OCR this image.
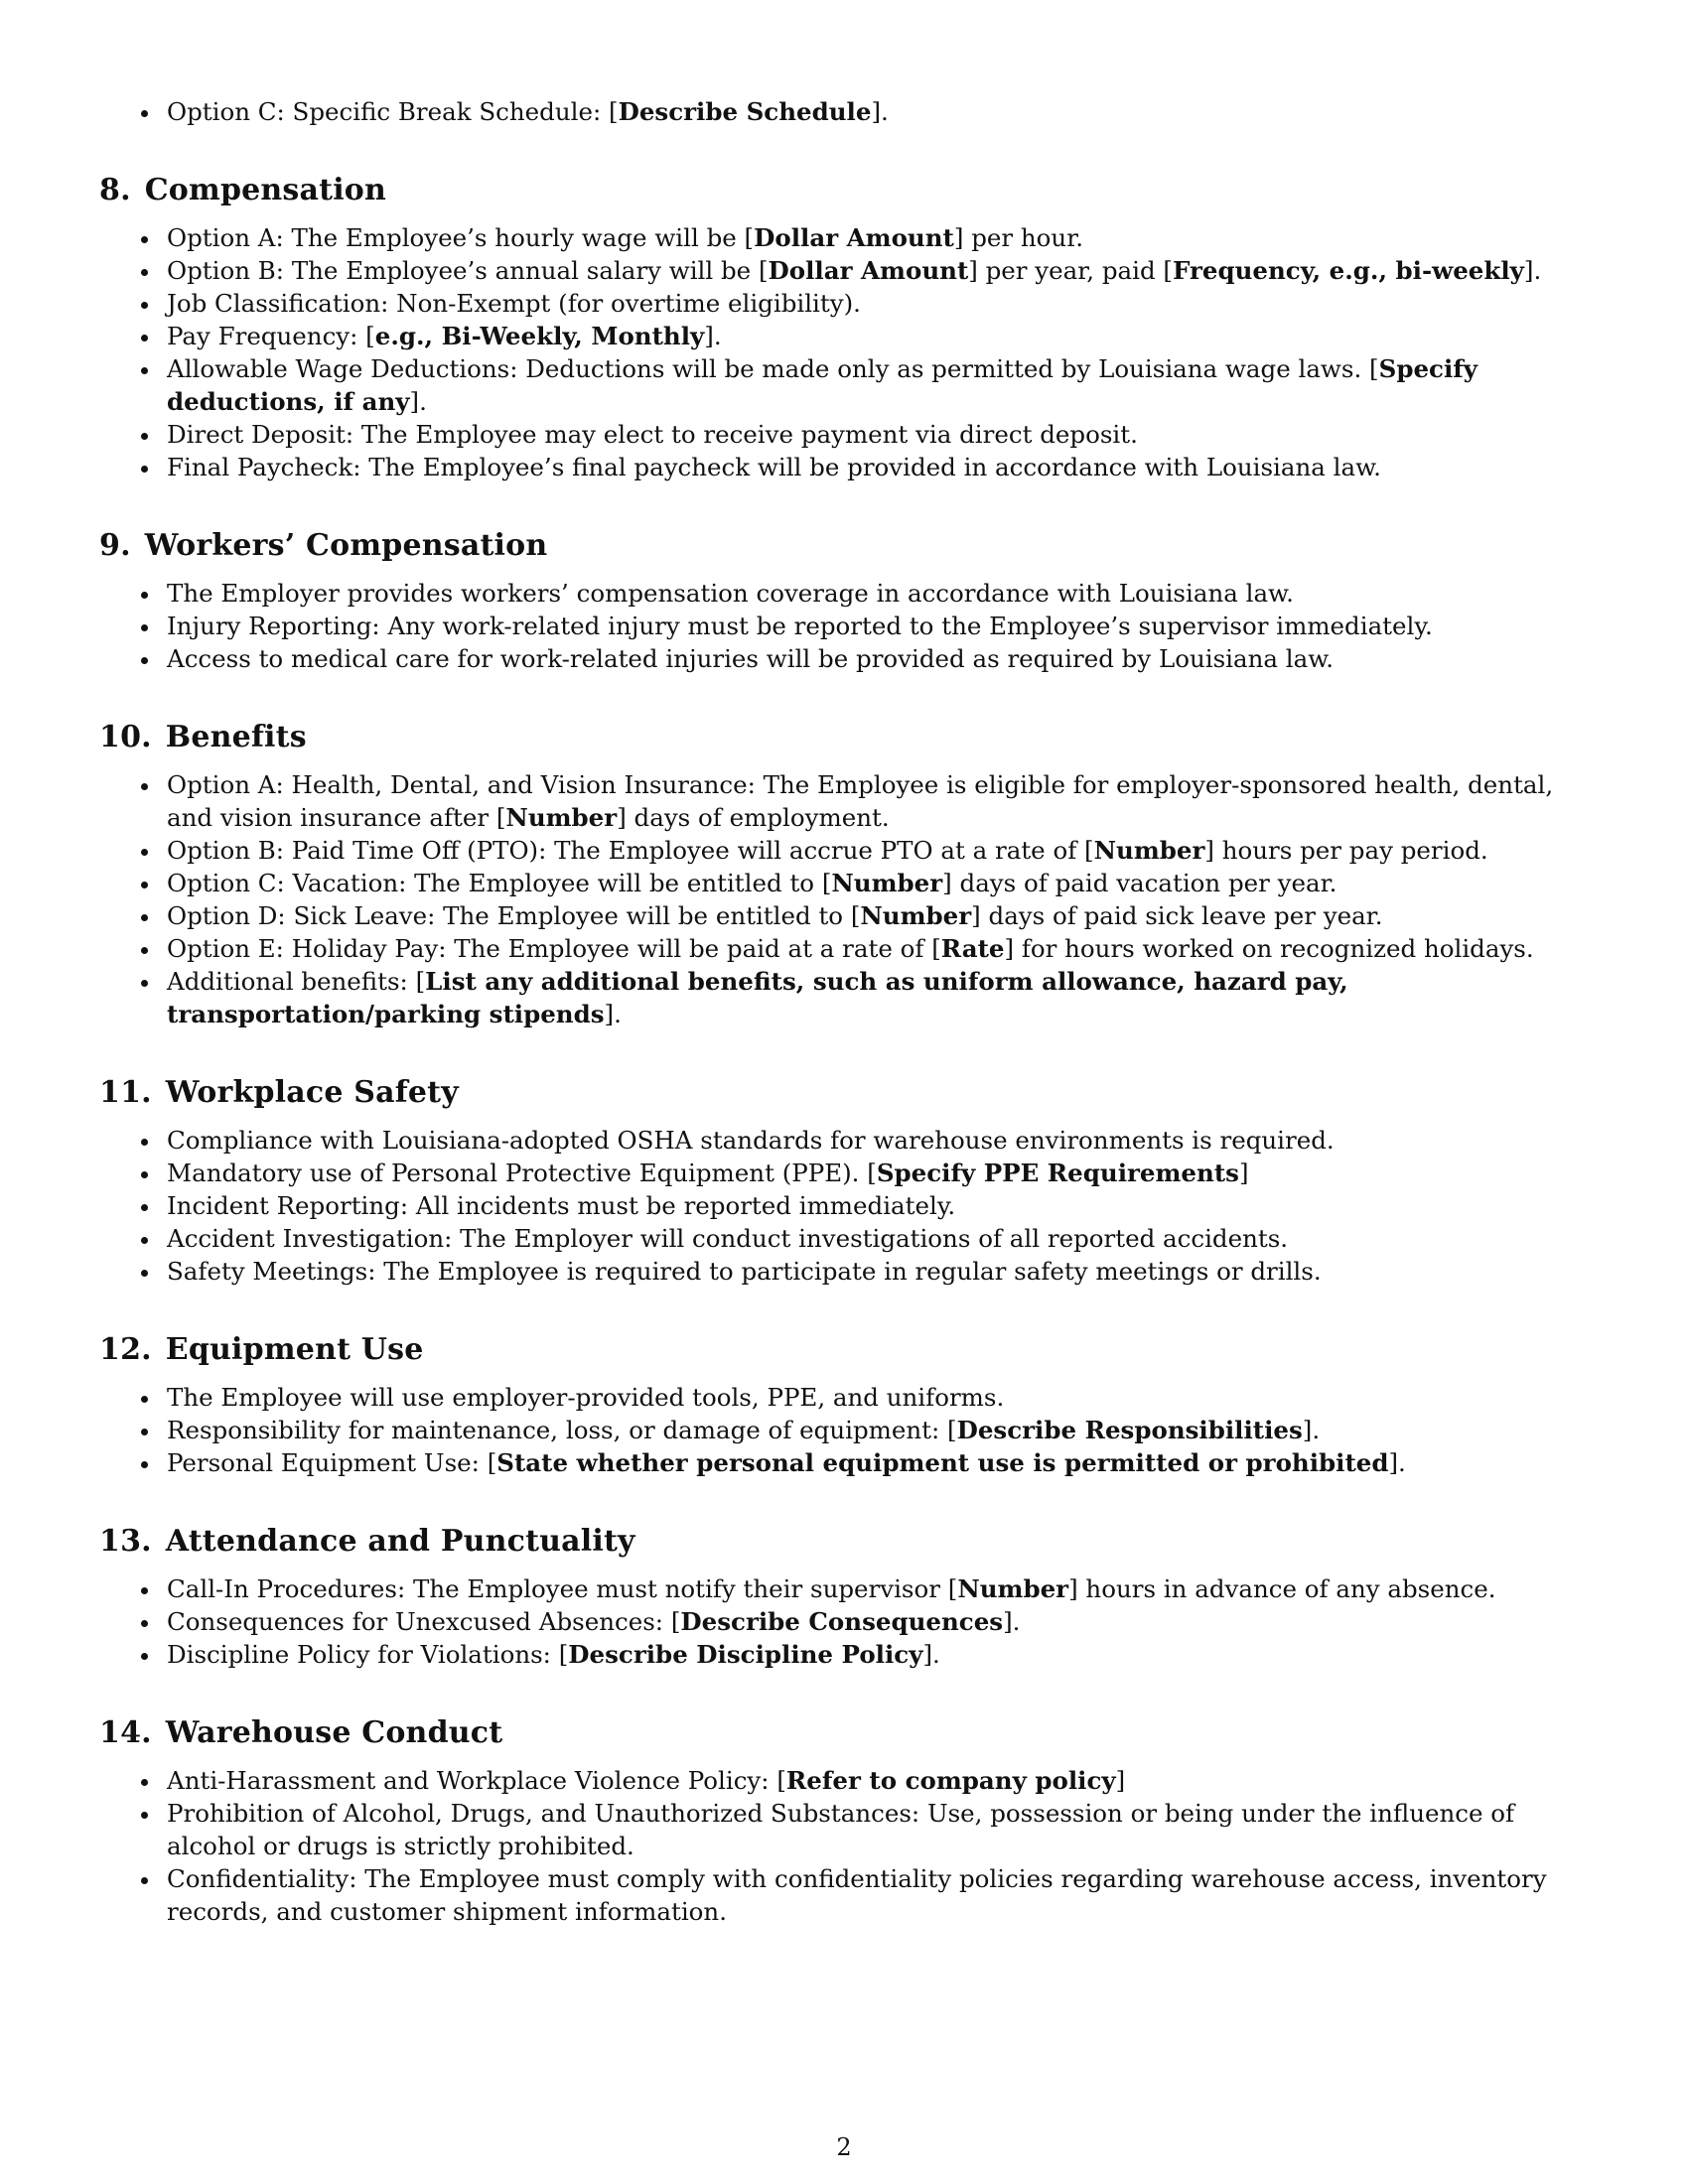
Option C: Specific Break Schedule: [Describe Schedule].
8. Compensation
Option A: The Employee’s hourly wage will be [Dollar Amount] per hour.
Option B: The Employee’s annual salary will be [Dollar Amount] per year, paid [Frequency, e.g., bi-weekly].
Job Classification: Non-Exempt (for overtime eligibility).
Pay Frequency: [e.g., Bi-Weekly, Monthly].
Allowable Wage Deductions: Deductions will be made only as permitted by Louisiana wage laws. [Specify deductions, if any].
Direct Deposit: The Employee may elect to receive payment via direct deposit.
Final Paycheck: The Employee’s final paycheck will be provided in accordance with Louisiana law.
9. Workers’ Compensation
The Employer provides workers’ compensation coverage in accordance with Louisiana law.
Injury Reporting: Any work-related injury must be reported to the Employee’s supervisor immediately.
Access to medical care for work-related injuries will be provided as required by Louisiana law.
10. Benefits
Option A: Health, Dental, and Vision Insurance: The Employee is eligible for employer-sponsored health, dental, and vision insurance after [Number] days of employment.
Option B: Paid Time Off (PTO): The Employee will accrue PTO at a rate of [Number] hours per pay period.
Option C: Vacation: The Employee will be entitled to [Number] days of paid vacation per year.
Option D: Sick Leave: The Employee will be entitled to [Number] days of paid sick leave per year.
Option E: Holiday Pay: The Employee will be paid at a rate of [Rate] for hours worked on recognized holidays.
Additional benefits: [List any additional benefits, such as uniform allowance, hazard pay, transportation/parking stipends].
11. Workplace Safety
Compliance with Louisiana-adopted OSHA standards for warehouse environments is required.
Mandatory use of Personal Protective Equipment (PPE). [Specify PPE Requirements]
Incident Reporting: All incidents must be reported immediately.
Accident Investigation: The Employer will conduct investigations of all reported accidents.
Safety Meetings: The Employee is required to participate in regular safety meetings or drills.
12. Equipment Use
The Employee will use employer-provided tools, PPE, and uniforms.
Responsibility for maintenance, loss, or damage of equipment: [Describe Responsibilities].
Personal Equipment Use: [State whether personal equipment use is permitted or prohibited].
13. Attendance and Punctuality
Call-In Procedures: The Employee must notify their supervisor [Number] hours in advance of any absence.
Consequences for Unexcused Absences: [Describe Consequences].
Discipline Policy for Violations: [Describe Discipline Policy].
14. Warehouse Conduct
Anti-Harassment and Workplace Violence Policy: [Refer to company policy]
Prohibition of Alcohol, Drugs, and Unauthorized Substances: Use, possession or being under the influence of alcohol or drugs is strictly prohibited.
Confidentiality: The Employee must comply with confidentiality policies regarding warehouse access, inventory records, and customer shipment information.
2
